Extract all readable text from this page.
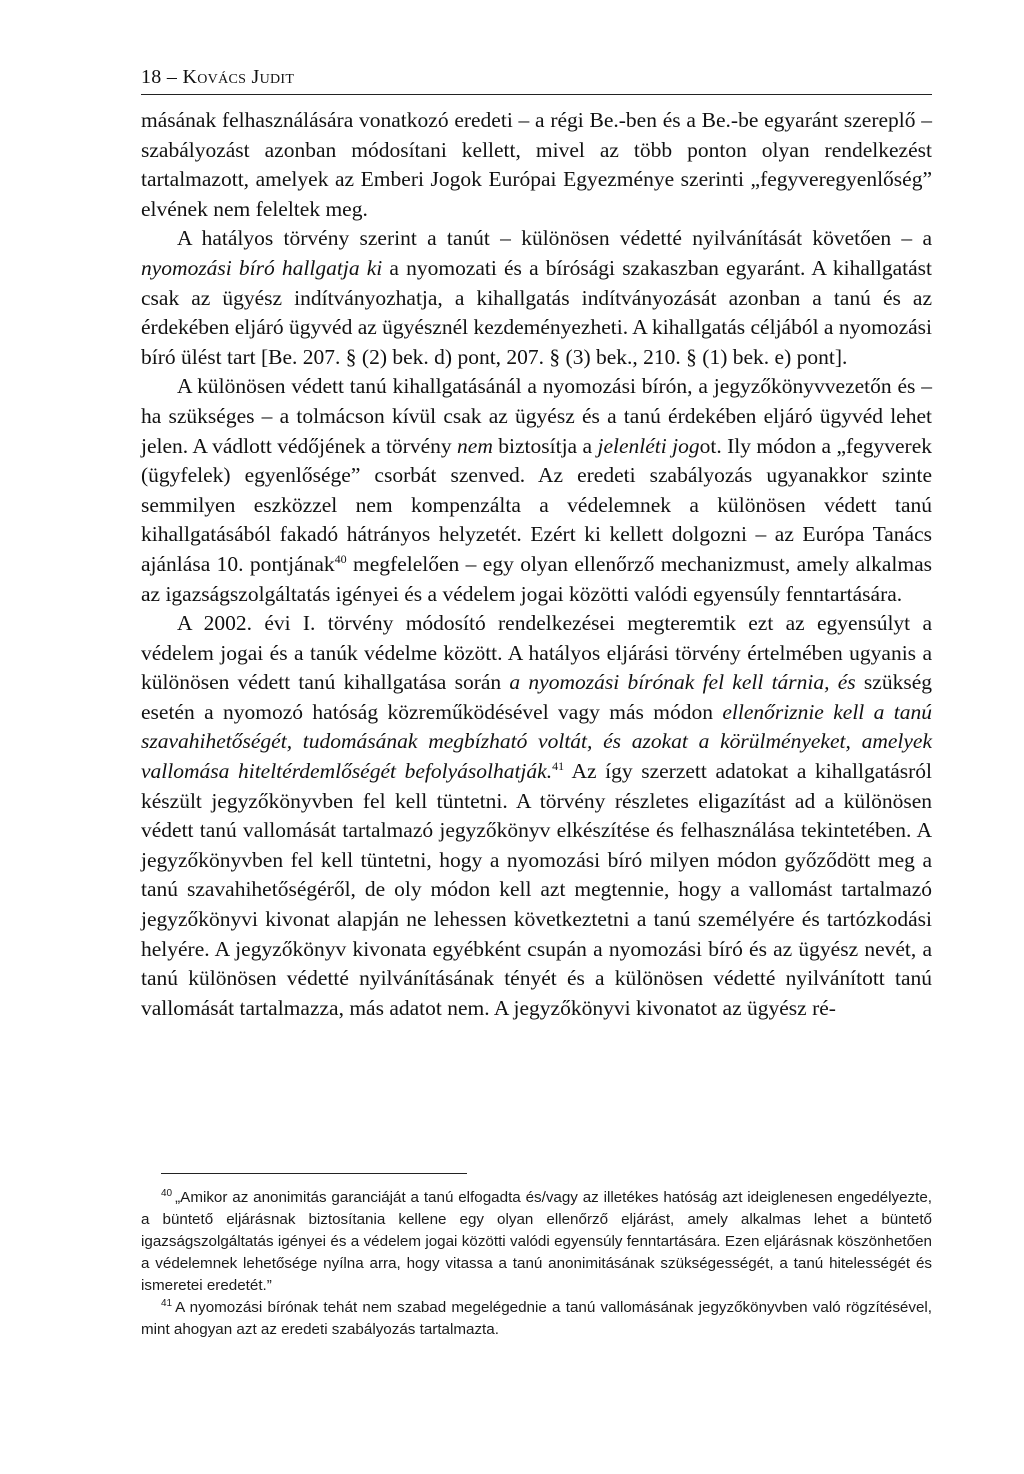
18 – Kovács Judit

másának felhasználására vonatkozó eredeti – a régi Be.-ben és a Be.-be egyaránt szereplő – szabályozást azonban módosítani kellett, mivel az több ponton olyan rendelkezést tartalmazott, amelyek az Emberi Jogok Európai Egyezménye szerinti „fegyveregyenlőség” elvének nem feleltek meg.

A hatályos törvény szerint a tanút – különösen védetté nyilvánítását követően – a nyomozási bíró hallgatja ki a nyomozati és a bírósági szakaszban egyaránt. A kihallgatást csak az ügyész indítványozhatja, a kihallgatás indítványozását azonban a tanú és az érdekében eljáró ügyvéd az ügyésznél kezdeményezheti. A kihallgatás céljából a nyomozási bíró ülést tart [Be. 207. § (2) bek. d) pont, 207. § (3) bek., 210. § (1) bek. e) pont].

A különösen védett tanú kihallgatásánál a nyomozási bírón, a jegyzőkönyvvezetőn és – ha szükséges – a tolmácson kívül csak az ügyész és a tanú érdekében eljáró ügyvéd lehet jelen. A vádlott védőjének a törvény nem biztosítja a jelenléti jogot. Ily módon a „fegyverek (ügyfelek) egyenlősége” csorbát szenved. Az eredeti szabályozás ugyanakkor szinte semmilyen eszközzel nem kompenzálta a védelemnek a különösen védett tanú kihallgatásából fakadó hátrányos helyzetét. Ezért ki kellett dolgozni – az Európa Tanács ajánlása 10. pontjának$^{40}$ megfelelően – egy olyan ellenőrző mechanizmust, amely alkalmas az igazságszolgáltatás igényei és a védelem jogai közötti valódi egyensúly fenntartására.

A 2002. évi I. törvény módosító rendelkezései megteremtik ezt az egyensúlyt a védelem jogai és a tanúk védelme között. A hatályos eljárási törvény értelmében ugyanis a különösen védett tanú kihallgatása során a nyomozási bírónak fel kell tárnia, és szükség esetén a nyomozó hatóság közreműködésével vagy más módon ellenőriznie kell a tanú szavahihetőségét, tudomásának megbízható voltát, és azokat a körülményeket, amelyek vallomása hiteltérdemlőségét befolyásolhatják.$^{41}$ Az így szerzett adatokat a kihallgatásról készült jegyzőkönyvben fel kell tüntetni. A törvény részletes eligazítást ad a különösen védett tanú vallomását tartalmazó jegyzőkönyv elkészítése és felhasználása tekintetében. A jegyzőkönyvben fel kell tüntetni, hogy a nyomozási bíró milyen módon győződött meg a tanú szavahihetőségéről, de oly módon kell azt megtennie, hogy a vallomást tartalmazó jegyzőkönyvi kivonat alapján ne lehessen következtetni a tanú személyére és tartózkodási helyére. A jegyzőkönyv kivonata egyébként csupán a nyomozási bíró és az ügyész nevét, a tanú különösen védetté nyilvánításának tényét és a különösen védetté nyilvánított tanú vallomását tartalmazza, más adatot nem. A jegyzőkönyvi kivonatot az ügyész ré-

$^{40}$ „Amikor az anonimitás garanciáját a tanú elfogadta és/vagy az illetékes hatóság azt ideiglenesen engedélyezte, a büntető eljárásnak biztosítania kellene egy olyan ellenőrző eljárást, amely alkalmas lehet a büntető igazságszolgáltatás igényei és a védelem jogai közötti valódi egyensúly fenntartására. Ezen eljárásnak köszönhetően a védelemnek lehetősége nyílna arra, hogy vitassa a tanú anonimitásának szükségességét, a tanú hitelességét és ismeretei eredetét.”

$^{41}$ A nyomozási bírónak tehát nem szabad megelégednie a tanú vallomásának jegyzőkönyvben való rögzítésével, mint ahogyan azt az eredeti szabályozás tartalmazta.
